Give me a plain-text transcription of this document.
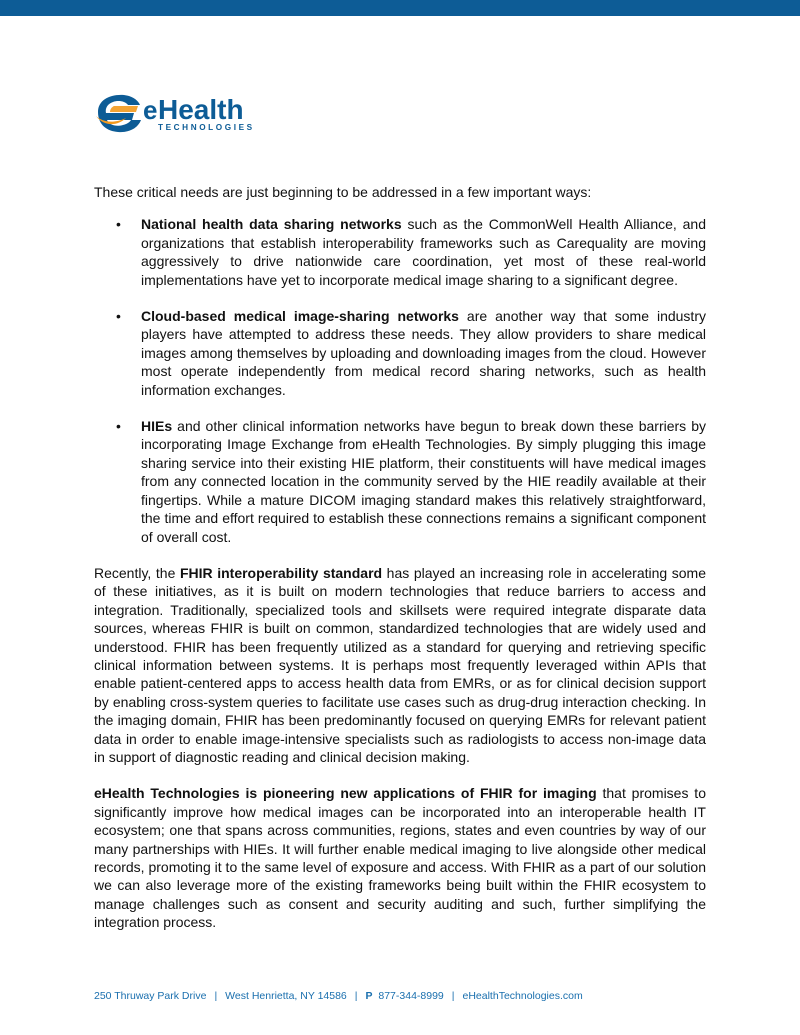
e Health
TECHNOLOGIES

These critical needs are just beginning to be addressed in a few important ways:

• National health data sharing networks such as the CommonWell Health Alliance, and organizations that establish interoperability frameworks such as Carequality are moving aggressively to drive nationwide care coordination, yet most of these real-world implementations have yet to incorporate medical image sharing to a significant degree.
• Cloud-based medical image-sharing networks are another way that some industry players have attempted to address these needs. They allow providers to share medical images among themselves by uploading and downloading images from the cloud. However most operate independently from medical record sharing networks, such as health information exchanges.
• HIEs and other clinical information networks have begun to break down these barriers by incorporating Image Exchange from eHealth Technologies. By simply plugging this image sharing service into their existing HIE platform, their constituents will have medical images from any connected location in the community served by the HIE readily available at their fingertips. While a mature DICOM imaging standard makes this relatively straightforward, the time and effort required to establish these connections remains a significant component of overall cost.

Recently, the FHIR interoperability standard has played an increasing role in accelerating some of these initiatives, as it is built on modern technologies that reduce barriers to access and integration. Traditionally, specialized tools and skillsets were required integrate disparate data sources, whereas FHIR is built on common, standardized technologies that are widely used and understood. FHIR has been frequently utilized as a standard for querying and retrieving specific clinical information between systems. It is perhaps most frequently leveraged within APIs that enable patient-centered apps to access health data from EMRs, or as for clinical decision support by enabling cross-system queries to facilitate use cases such as drug-drug interaction checking. In the imaging domain, FHIR has been predominantly focused on querying EMRs for relevant patient data in order to enable image-intensive specialists such as radiologists to access non-image data in support of diagnostic reading and clinical decision making.

eHealth Technologies is pioneering new applications of FHIR for imaging that promises to significantly improve how medical images can be incorporated into an interoperable health IT ecosystem; one that spans across communities, regions, states and even countries by way of our many partnerships with HIEs. It will further enable medical imaging to live alongside other medical records, promoting it to the same level of exposure and access. With FHIR as a part of our solution we can also leverage more of the existing frameworks being built within the FHIR ecosystem to manage challenges such as consent and security auditing and such, further simplifying the integration process.

250 Thruway Park Drive | West Henrietta, NY 14586 | P 877-344-8999 | eHealthTechnologies.com
